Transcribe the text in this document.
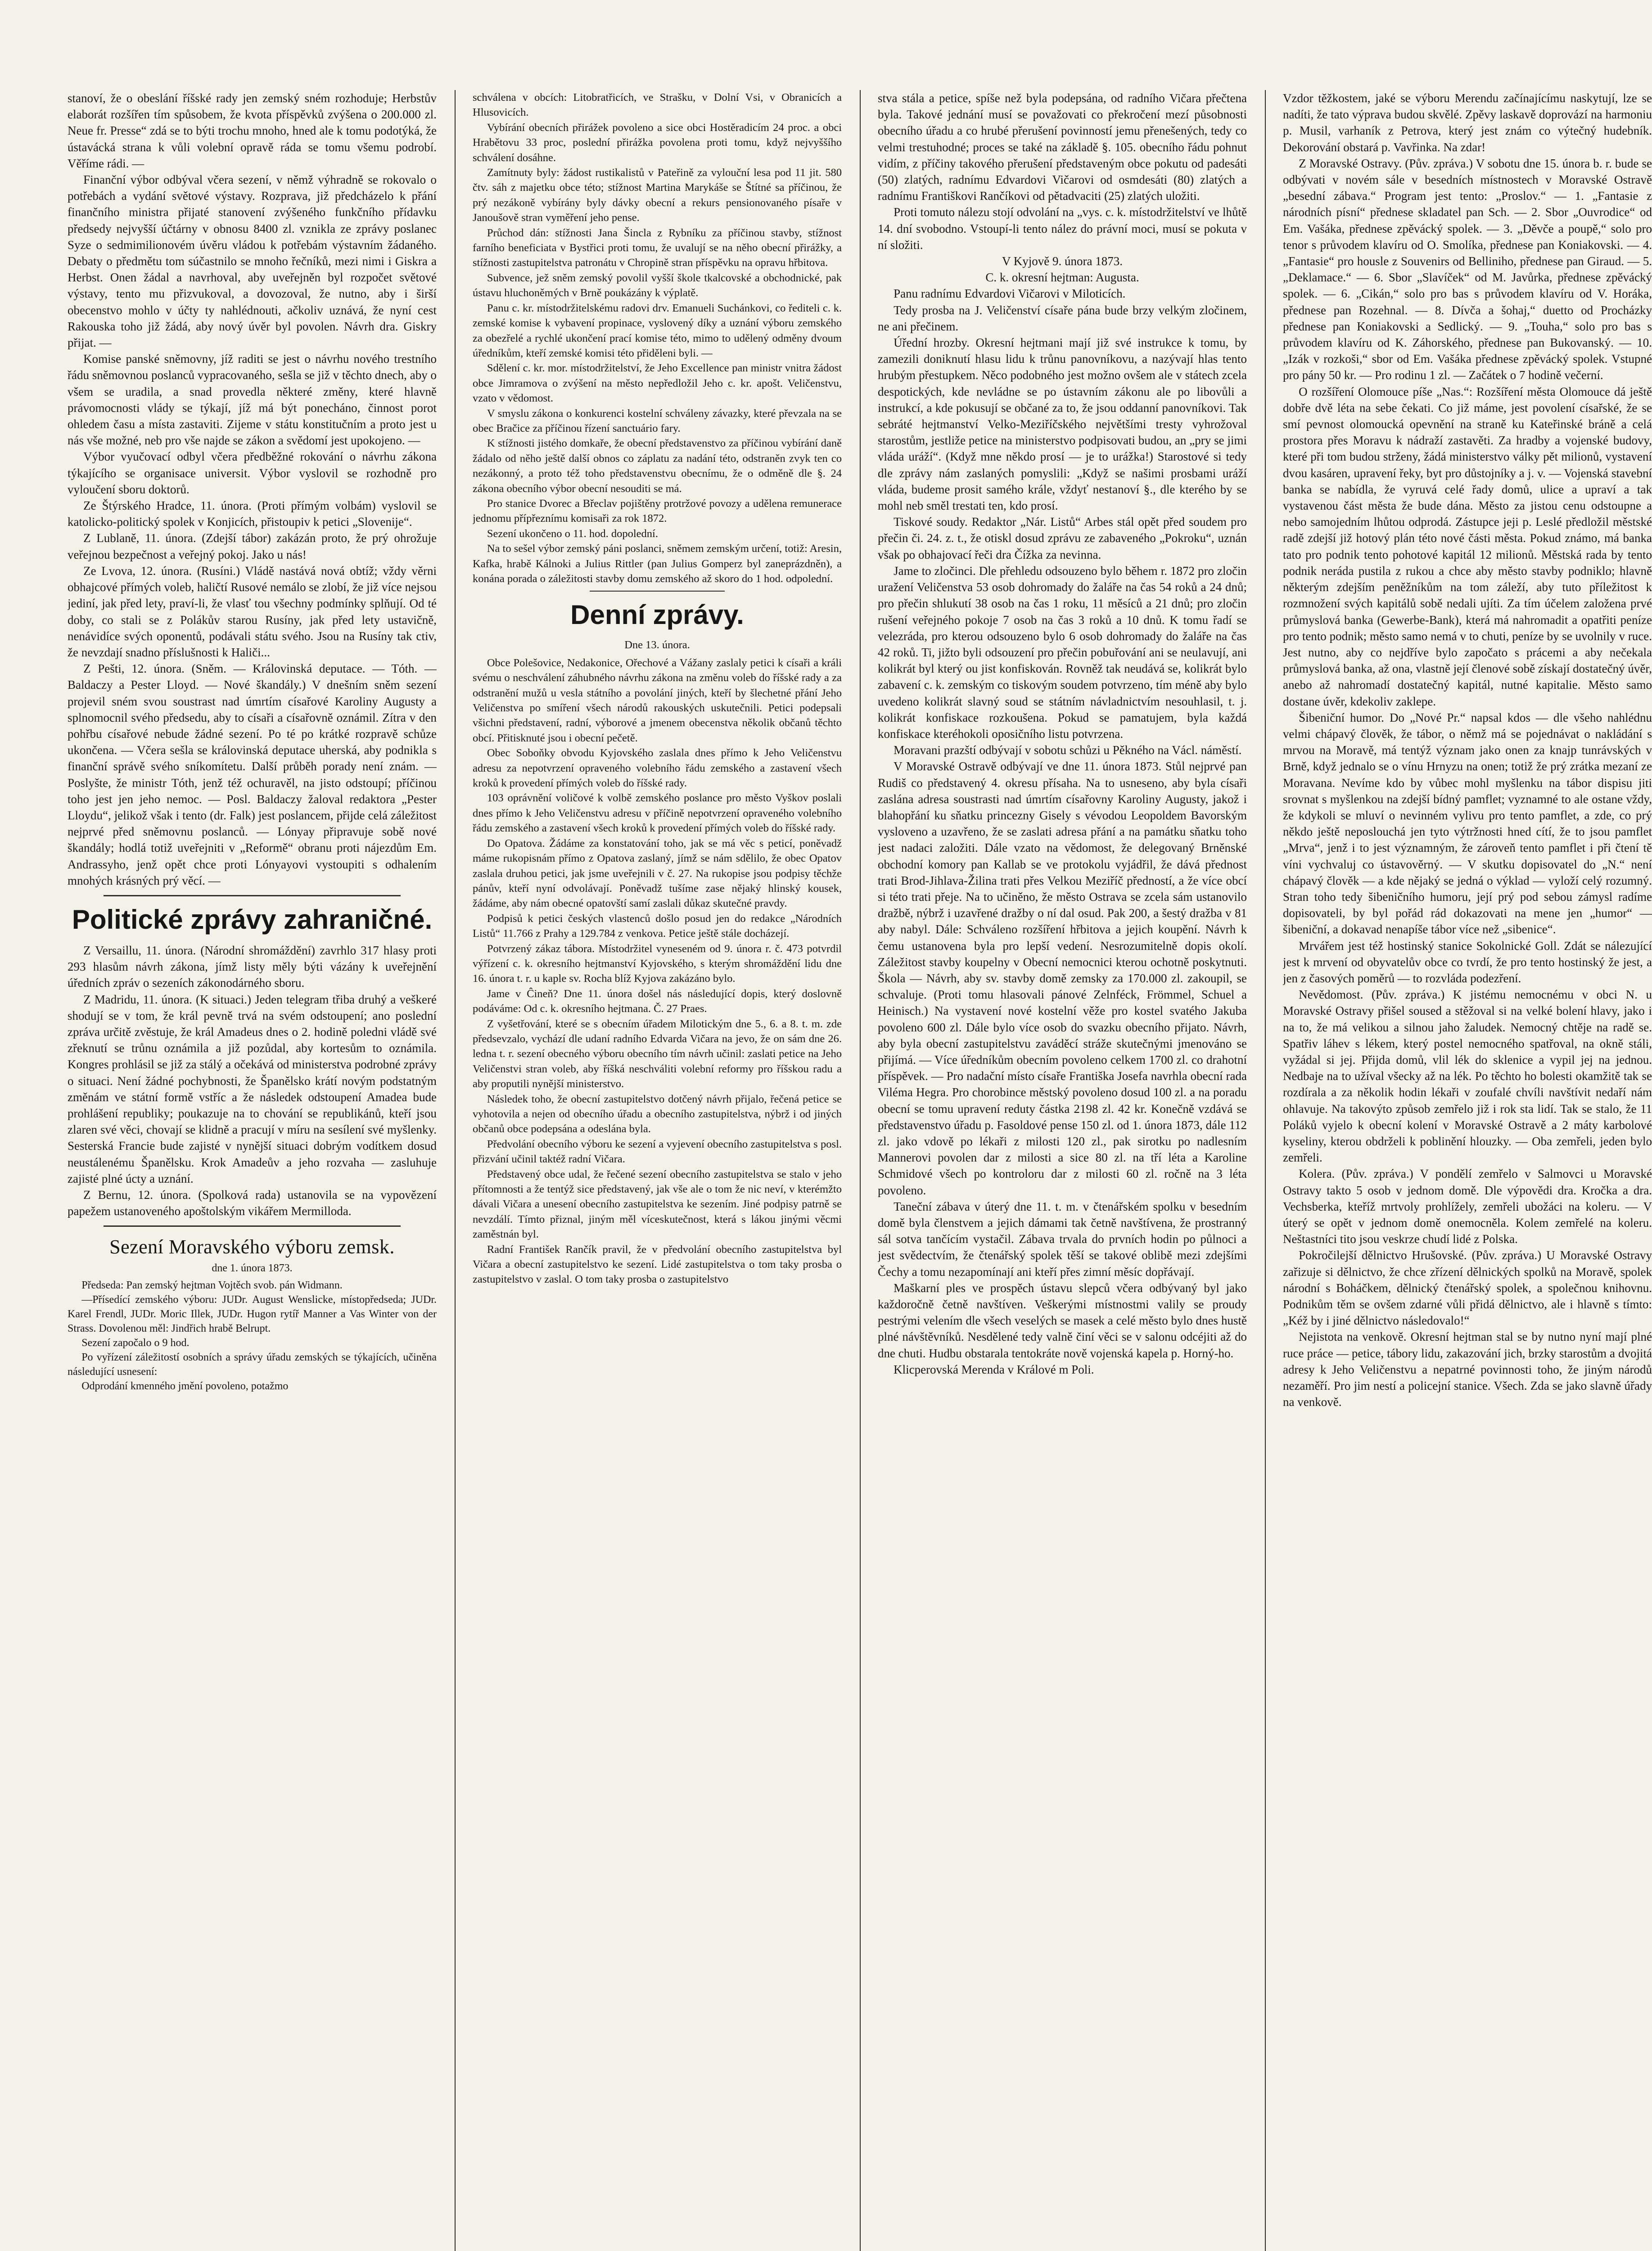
stanoví, že o obeslání říšské rady jen zemský sném rozhoduje; Herbstův elaborát rozšířen tím spůsobem, že kvota příspěvků zvýšena o 200.000 zl. Neue fr. Presse“ zdá se to býti trochu mnoho, hned ale k tomu podotýká, že ústavácká strana k vůli volební opravě ráda se tomu všemu podrobí. Věříme rádi. —

Finanční výbor odbýval včera sezení, v němž výhradně se rokovalo o potřebách a vydání světové výstavy. Rozprava, již předcházelo k přání finančního ministra přijaté stanovení zvýšeného funkčního přídavku předsedy nejvyšší účtárny v obnosu 8400 zl. vznikla ze zprávy poslanec Syze o sedmimilionovém úvěru vládou k potřebám výstavním žádaného. Debaty o předmětu tom súčastnilo se mnoho řečníků, mezi nimi i Giskra a Herbst. Onen žádal a navrhoval, aby uveřejněn byl rozpočet světové výstavy, tento mu přizvukoval, a dovozoval, že nutno, aby i širší obecenstvo mohlo v účty ty nahlédnouti, ačkoliv uznává, že nyní cest Rakouska toho již žádá, aby nový úvěr byl povolen. Návrh dra. Giskry přijat. —

Komise panské sněmovny, jíž raditi se jest o návrhu nového trestního řádu sněmovnou poslanců vypracovaného, sešla se již v těchto dnech, aby o všem se uradila, a snad provedla některé změny, které hlavně právomocnosti vlády se týkají, jíž má být ponecháno, činnost porot ohledem času a místa zastaviti. Zijeme v státu konstitučním a proto jest u nás vše možné, neb pro vše najde se zákon a svědomí jest upokojeno. —

Výbor vyučovací odbyl včera předběžné rokování o návrhu zákona týkajícího se organisace universit. Výbor vyslovil se rozhodně pro vyloučení sboru doktorů.

Ze Štýrského Hradce, 11. února. (Proti přímým volbám) vyslovil se katolicko-politický spolek v Konjicích, přistoupiv k petici „Slovenije“.

Z Lublaně, 11. února. (Zdejší tábor) zakázán proto, že prý ohrožuje veřejnou bezpečnost a veřejný pokoj. Jako u nás!

Ze Lvova, 12. února. (Rusíni.) Vládě nastává nová obtíž; vždy věrni obhajcové přímých voleb, haličtí Rusové nemálo se zlobí, že již více nejsou jediní, jak před lety, praví-li, že vlasť tou všechny podmínky splňují. Od té doby, co stali se z Polákův starou Rusíny, jak před lety ustavičně, nenávidíce svých oponentů, podávali státu svého. Jsou na Rusíny tak ctiv, že nevzdají snadno příslušnosti k Haliči...

Z Pešti, 12. února. (Sněm. — Královinská deputace. — Tóth. — Baldaczy a Pester Lloyd. — Nové škandály.) V dnešním sněm sezení projevil sném svou soustrast nad úmrtím císařové Karoliny Augusty a splnomocnil svého předsedu, aby to císaři a císařovně oznámil. Zítra v den pohřbu císařové nebude žádné sezení. Po té po krátké rozpravě schůze ukončena. — Včera sešla se královinská deputace uherská, aby podnikla s finanční správě svého sníkomítetu. Další průběh porady není znám. — Poslyšte, že ministr Tóth, jenž též ochuravěl, na jisto odstoupí; příčinou toho jest jen jeho nemoc. — Posl. Baldaczy žaloval redaktora „Pester Lloydu“, jelikož však i tento (dr. Falk) jest poslancem, přijde celá záležitost nejprvé před sněmovnu poslanců. — Lónyay připravuje sobě nové škandály; hodlá totiž uveřejniti v „Reformě“ obranu proti nájezdům Em. Andrassyho, jenž opět chce proti Lónyayovi vystoupiti s odhalením mnohých krásných prý věcí. —

Politické zprávy zahraničné.

Z Versaillu, 11. února. (Národní shromáždění) zavrhlo 317 hlasy proti 293 hlasům návrh zákona, jímž listy měly býti vázány k uveřejnění úředních zpráv o sezeních zákonodárného sboru.

Z Madridu, 11. února. (K situaci.) Jeden telegram třiba druhý a veškeré shodují se v tom, že král pevně trvá na svém odstoupení; ano poslední zpráva určitě zvěstuje, že král Amadeus dnes o 2. hodině poledni vládě své zřeknutí se trůnu oznámila a již pozůdal, aby kortesům to oznámila. Kongres prohlásil se již za stálý a očekává od ministerstva podrobné zprávy o situaci. Není žádné pochybnosti, že Španělsko krátí novým podstatným změnám ve státní formě vstříc a že následek odstoupení Amadea bude prohlášení republiky; poukazuje na to chování se republikánů, kteří jsou zlaren své věci, chovají se klidně a pracují v míru na sesílení své myšlenky. Sesterská Francie bude zajisté v nynější situaci dobrým vodítkem dosud neustálenému Španělsku. Krok Amadeův a jeho rozvaha — zasluhuje zajisté plné úcty a uznání.

Z Bernu, 12. února. (Spolková rada) ustanovila se na vypovězení papežem ustanoveného apoštolským vikářem Mermilloda.

Sezení Moravského výboru zemsk.
dne 1. února 1873.

Předseda: Pan zemský hejtman Vojtěch svob. pán Widmann.

—Přísedící zemského výboru: JUDr. August Wenslicke, místopředseda; JUDr. Karel Frendl, JUDr. Moric Illek, JUDr. Hugon rytíř Manner a Vas Winter von der Strass. Dovolenou měl: Jindřich hrabě Belrupt.

Sezení započalo o 9 hod.

Po vyřízení záležitostí osobních a správy úřadu zemských se týkajících, učiněna následující usnesení:

Odprodání kmenného jmění povoleno, potažmo

schválena v obcích: Litobratřicích, ve Strašku, v Dolní Vsi, v Obranicích a Hlusovicích.

Vybírání obecních přirážek povoleno a sice obci Hostěradicím 24 proc. a obci Hrabětovu 33 proc, poslední přirážka povolena proti tomu, když nejvyššího schválení dosáhne.

Zamítnuty byly: žádost rustikalistů v Pateřině za vylouční lesa pod 11 jit. 580 čtv. sáh z majetku obce této; stížnost Martina Marykáše se Štítné sa příčinou, že prý nezákoně vybírány byly dávky obecní a rekurs pensionovaného písaře v Janoušově stran vyměření jeho pense.

Průchod dán: stížnosti Jana Šincla z Rybníku za příčinou stavby, stížnost farního beneficiata v Bystřici proti tomu, že uvalují se na něho obecní přirážky, a stížnosti zastupitelstva patronátu v Chropině stran příspěvku na opravu hřbitova.

Subvence, jež sněm zemský povolil vyšší škole tkalcovské a obchodnické, pak ústavu hluchoněmých v Brně poukázány k výplatě.

Panu c. kr. místodržitelskému radovi drv. Emanueli Suchánkovi, co řediteli c. k. zemské komise k vybavení propinace, vyslovený díky a uznání výboru zemského za obezřelé a rychlé ukončení prací komise této, mimo to udělený odměny dvoum úředníkům, kteří zemské komisi této přiděleni byli. —

Sdělení c. kr. mor. místodržitelství, že Jeho Excellence pan ministr vnitra žádost obce Jimramova o zvýšení na město nepředložil Jeho c. kr. apošt. Veličenstvu, vzato v vědomost.

V smyslu zákona o konkurenci kostelní schváleny závazky, které převzala na se obec Bračice za příčinou řízení sanctuário fary.

K stížnosti jistého domkaře, že obecní představenstvo za příčinou vybírání daně žádalo od něho ještě další obnos co záplatu za nadání této, odstraněn zvyk ten co nezákonný, a proto též toho představenstvu obecnímu, že o odměně dle §. 24 zákona obecního výbor obecní nesouditi se má.

Pro stanice Dvorec a Břeclav pojištěny protržové povozy a udělena remunerace jednomu přípřeznímu komisaři za rok 1872.

Sezení ukončeno o 11. hod. dopolední.

Na to sešel výbor zemský páni poslanci, sněmem zemským určení, totiž: Aresin, Kafka, hrabě Kálnoki a Julius Rittler (pan Julius Gomperz byl zaneprázdněn), a konána porada o záležitosti stavby domu zemského až skoro do 1 hod. odpolední.

Denní zprávy.
Dne 13. února.

Obce Polešovice, Nedakonice, Ořechové a Vážany zaslaly petici k císaři a králi svému o neschválení záhubného návrhu zákona na změnu voleb do říšské rady a za odstranění mužů u vesla státního a povolání jiných, kteří by šlechetné přání Jeho Veličenstva po smíření všech národů rakouských uskutečnili. Petici podepsali všichni představení, radní, výborové a jmenem obecenstva několik občanů těchto obcí. Přitisknuté jsou i obecní pečetě.

Obec Soboňky obvodu Kyjovského zaslala dnes přímo k Jeho Veličenstvu adresu za nepotvrzení opraveného volebního řádu zemského a zastavení všech kroků k provedení přímých voleb do říšské rady.

103 oprávnění voličové k volbě zemského poslance pro město Vyškov poslali dnes přímo k Jeho Veličenstvu adresu v příčině nepotvrzení opraveného volebního řádu zemského a zastavení všech kroků k provedení přímých voleb do říšské rady.

Do Opatova. Žádáme za konstatování toho, jak se má věc s peticí, poněvadž máme rukopisnám přímo z Opatova zaslaný, jímž se nám sdělilo, že obec Opatov zaslala druhou petici, jak jsme uveřejnili v č. 27. Na rukopise jsou podpisy těchže pánův, kteří nyní odvolávají. Poněvadž tušíme zase nějaký hlinský kousek, žádáme, aby nám obecné opatovští samí zaslali důkaz skutečné pravdy.

Podpisů k petici českých vlastenců došlo posud jen do redakce „Národních Listů“ 11.766 z Prahy a 129.784 z venkova. Petice ještě stále docházejí.

Potvrzený zákaz tábora. Místodržitel vyneseném od 9. února r. č. 473 potvrdil výřízení c. k. okresního hejtmanství Kyjovského, s kterým shromáždění lidu dne 16. února t. r. u kaple sv. Rocha blíž Kyjova zakázáno bylo.

Jame v Ĉineň? Dne 11. února došel nás následující dopis, který doslovně podáváme: Od c. k. okresního hejtmana. Č. 27 Praes.

Z vyšetřování, které se s obecním úřadem Milotickým dne 5., 6. a 8. t. m. zde předsevzalo, vychází dle udaní radního Edvarda Vičara na jevo, že on sám dne 26. ledna t. r. sezení obecného výboru obecního tím návrh učinil: zaslati petice na Jeho Veličenstvi stran voleb, aby říšká neschváliti volební reformy pro říšskou radu a aby proputili nynější ministerstvo.

Následek toho, že obecní zastupitelstvo dotčený návrh přijalo, řečená petice se vyhotovila a nejen od obecního úřadu a obecního zastupitelstva, nýbrž i od jiných občanů obce podepsána a odeslána byla.

Předvolání obecního výboru ke sezení a vyjevení obecního zastupitelstva s posl. přizvání učinil taktéž radní Vičara.

Představený obce udal, že řečené sezení obecního zastupitelstva se stalo v jeho přítomnosti a že tentýž sice představený, jak vše ale o tom že nic neví, v kterémžto dávali Vičara a unesení obecního zastupitelstva ke sezením. Jiné podpisy patrně se nevzdálí. Tímto přiznal, jiným měl víceskutečnost, která s lákou jinými věcmi zaměstnán byl.

Radní František Rančík pravil, že v předvolání obecního zastupitelstva byl Vičara a obecní zastupitelstvo ke sezení. Lidé zastupitelstva o tom taky prosba o zastupitelstvo v zaslal. O tom taky prosba o zastupitelstvo

stva stála a petice, spíše než byla podepsána, od radního Vičara přečtena byla. Takové jednání musí se považovati co překročení mezí působnosti obecního úřadu a co hrubé přerušení povinností jemu přenešených, tedy co velmi trestuhodné; proces se také na základě §. 105. obecního řádu pohnut vidím, z příčiny takového přerušení představeným obce pokutu od padesáti (50) zlatých, radnímu Edvardovi Vičarovi od osmdesáti (80) zlatých a radnímu Františkovi Rančíkovi od pětadvaciti (25) zlatých uložiti.

Proti tomuto nálezu stojí odvolání na „vys. c. k. místodržitelství ve lhůtě 14. dní svobodno. Vstoupí-li tento nález do právní moci, musí se pokuta v ní složiti.

V Kyjově 9. února 1873.

C. k. okresní hejtman: Augusta.

Panu radnímu Edvardovi Vičarovi v Miloticích.

Tedy prosba na J. Veličenství císaře pána bude brzy velkým zločinem, ne ani přečinem.

Úřední hrozby. Okresní hejtmani mají již své instrukce k tomu, by zamezili doniknutí hlasu lidu k trůnu panovníkovu, a nazývají hlas tento hrubým přestupkem. Něco podobného jest možno ovšem ale v státech zcela despotických, kde nevládne se po ústavním zákonu ale po libovůli a instrukcí, a kde pokusují se občané za to, že jsou oddanní panovníkovi. Tak sebráté hejtmanství Velko-Meziříčského největšími tresty vyhrožoval starostům, jestliže petice na ministerstvo podpisovati budou, an „pry se jimi vláda uráží“. (Když mne někdo prosí — je to urážka!) Starostové si tedy dle zprávy nám zaslaných pomyslili: „Když se našimi prosbami uráží vláda, budeme prosit samého krále, vždyť nestanoví §., dle kterého by se mohl neb směl trestati ten, kdo prosí.

Tiskové soudy. Redaktor „Nár. Listů“ Arbes stál opět před soudem pro přečin či. 24. z. t., že otiskl dosud zprávu ze zabaveného „Pokroku“, uznán však po obhajovací řeči dra Čížka za nevinna.

Jame to zločinci. Dle přehledu odsouzeno bylo během r. 1872 pro zločin uražení Veličenstva 53 osob dohromady do žaláře na čas 54 roků a 24 dnů; pro přečin shlukutí 38 osob na čas 1 roku, 11 měsíců a 21 dnů; pro zločin rušení veřejného pokoje 7 osob na čas 3 roků a 10 dnů. K tomu řadí se velezráda, pro kterou odsouzeno bylo 6 osob dohromady do žaláře na čas 42 roků. Ti, jižto byli odsouzení pro přečin pobuřování ani se neulavují, ani kolikrát byl který ou jist konfiskován. Rovněž tak neudává se, kolikrát bylo zabavení c. k. zemským co tiskovým soudem potvrzeno, tím méně aby bylo uvedeno kolikrát slavný soud se státním návladnictvím nesouhlasil, t. j. kolikrát konfiskace rozkoušena. Pokud se pamatujem, byla každá konfiskace kteréhokoli oposičního listu potvrzena.

Moravani prazští odbývají v sobotu schůzi u Pěkného na Václ. náměstí.

V Moravské Ostravě odbývají ve dne 11. února 1873. Stůl nejprvé pan Rudiš co představený 4. okresu přísaha. Na to usneseno, aby byla císaři zaslána adresa soustrasti nad úmrtím císařovny Karoliny Augusty, jakož i blahopřání ku sňatku princezny Gisely s vévodou Leopoldem Bavorským vysloveno a uzavřeno, že se zaslati adresa přání a na památku sňatku toho jest nadaci založiti. Dále vzato na vědomost, že delegovaný Brněnské obchodní komory pan Kallab se ve protokolu vyjádřil, že dává přednost trati Brod-Jihlava-Žilina trati přes Velkou Meziříč předností, a že více obcí si této trati přeje. Na to učiněno, že město Ostrava se zcela sám ustanovilo dražbě, nýbrž i uzavřené dražby o ní dal osud. Pak 200, a šestý dražba v 81 aby nabyl. Dále: Schváleno rozšíření hřbitova a jejich koupění. Návrh k čemu ustanovena byla pro lepší vedení. Nesrozumitelně dopis okolí. Záležitost stavby koupelny v Obecní nemocnici kterou ochotně poskytnuti. Škola — Návrh, aby sv. stavby domě zemsky za 170.000 zl. zakoupil, se schvaluje. (Proti tomu hlasovali pánové Zelnféck, Frömmel, Schuel a Heinisch.) Na vystavení nové kostelní věže pro kostel svatého Jakuba povoleno 600 zl. Dále bylo více osob do svazku obecního přijato. Návrh, aby byla obecní zastupitelstvu zaváděcí stráže skutečnými jmenováno se přijímá. — Více úředníkům obecním povoleno celkem 1700 zl. co drahotní příspěvek. — Pro nadační místo císaře Františka Josefa navrhla obecní rada Viléma Hegra. Pro chorobince městský povoleno dosud 100 zl. a na poradu obecní se tomu upravení reduty částka 2198 zl. 42 kr. Konečně vzdává se představenstvo úřadu p. Fasoldové pense 150 zl. od 1. února 1873, dále 112 zl. jako vdově po lékaři z milosti 120 zl., pak sirotku po nadlesním Mannerovi povolen dar z milosti a sice 80 zl. na tří léta a Karoline Schmidové všech po kontroloru dar z milosti 60 zl. ročně na 3 léta povoleno.

Taneční zábava v úterý dne 11. t. m. v čtenářském spolku v besedním domě byla členstvem a jejich dámami tak četně navštívena, že prostranný sál sotva tančícím vystačil. Zábava trvala do prvních hodin po půlnoci a jest svědectvím, že čtenářský spolek těší se takové oblibě mezi zdejšími Čechy a tomu nezapomínají ani kteří přes zimní měsíc dopřávají.

Maškarní ples ve prospěch ústavu slepců včera odbývaný byl jako každoročně četně navštíven. Veškerými místnostmi valily se proudy pestrými velením dle všech veselých se masek a celé město bylo dnes hustě plné návštěvníků. Nesdělené tedy valně činí věci se v salonu odcéjiti až do dne chuti. Hudbu obstarala tentokráte nově vojenská kapela p. Horný-ho.

Klicperovská Merenda v Králové m Poli.

Vzdor těžkostem, jaké se výboru Merendu začínajícímu naskytují, lze se nadíti, že tato výprava budou skvělé. Zpěvy laskavě doprovází na harmoniu p. Musil, varhaník z Petrova, který jest znám co výtečný hudebník. Dekorování obstará p. Vavřinka. Na zdar!

Z Moravské Ostravy. (Pův. zpráva.) V sobotu dne 15. února b. r. bude se odbývati v novém sále v besedních místnostech v Moravské Ostravě „besední zábava.“ Program jest tento: „Proslov.“ — 1. „Fantasie z národních písní“ přednese skladatel pan Sch. — 2. Sbor „Ouvrodice“ od Em. Vašáka, přednese zpěvácký spolek. — 3. „Děvče a poupě,“ solo pro tenor s průvodem klavíru od O. Smolíka, přednese pan Koniakovski. — 4. „Fantasie“ pro housle z Souvenirs od Belliniho, přednese pan Giraud. — 5. „Deklamace.“ — 6. Sbor „Slavíček“ od M. Javůrka, přednese zpěvácký spolek. — 6. „Cikán,“ solo pro bas s průvodem klavíru od V. Horáka, přednese pan Rozehnal. — 8. Dívča a šohaj,“ duetto od Procházky přednese pan Koniakovski a Sedlický. — 9. „Touha,“ solo pro bas s průvodem klavíru od K. Záhorského, přednese pan Bukovanský. — 10. „Izák v rozkoši,“ sbor od Em. Vašáka přednese zpěvácký spolek. Vstupné pro pány 50 kr. — Pro rodinu 1 zl. — Začátek o 7 hodině večerní.

O rozšíření Olomouce píše „Nas.“: Rozšíření města Olomouce dá ještě dobře dvě léta na sebe čekati. Co již máme, jest povolení císařské, že se smí pevnost olomoucká opevnění na straně ku Kateřinské bráně a celá prostora přes Moravu k nádraží zastavěti. Za hradby a vojenské budovy, které při tom budou strženy, žádá ministerstvo války pět milionů, vystavení dvou kasáren, upravení řeky, byt pro důstojníky a j. v. — Vojenská stavební banka se nabídla, že vyruvá celé řady domů, ulice a upraví a tak vystavenou část města že bude dána. Město za jistou cenu odstoupne a nebo samojedním lhůtou odprodá. Zástupce jeji p. Leslé předložil městské radě zdejší již hotový plán této nové části města. Pokud známo, má banka tato pro podnik tento pohotové kapitál 12 milionů. Městská rada by tento podnik neráda pustila z rukou a chce aby město stavby podniklo; hlavně některým zdejším peněžníkům na tom záleží, aby tuto příležitost k rozmnožení svých kapitálů sobě nedali ujíti. Za tím účelem založena prvé průmyslová banka (Gewerbe-Bank), která má nahromadit a opatřiti peníze pro tento podnik; město samo nemá v to chuti, peníze by se uvolnily v ruce. Jest nutno, aby co nejdříve bylo započato s prácemi a aby nečekala průmyslová banka, až ona, vlastně její členové sobě získají dostatečný úvěr, anebo až nahromadí dostatečný kapitál, nutné kapitalie. Město samo dostane úvěr, kdekoliv zaklepe.

Šibeniční humor. Do „Nové Pr.“ napsal kdos — dle všeho nahlédnu velmi chápavý člověk, že tábor, o němž má se pojednávat o nakládání s mrvou na Moravě, má tentýž význam jako onen za knajp tunrávských v Brně, když jednalo se o vínu Hrnyzu na onen; totiž že prý zrátka mezaní ze Moravana. Nevíme kdo by vůbec mohl myšlenku na tábor dispisu jiti srovnat s myšlenkou na zdejší bídný pamflet; vyznamné to ale ostane vždy, že kdykoli se mluví o nevinném vylivu pro tento pamflet, a zde, co prý někdo ještě neposlouchá jen tyto výtržnosti hned cítí, že to jsou pamflet „Mrva“, jenž i to jest významným, že zároveň tento pamflet i při čtení tě víni vychvaluj co ústavověrný. — V skutku dopisovatel do „N.“ není chápavý člověk — a kde nějaký se jedná o výklad — vyloží celý rozumný. Stran toho tedy šibeničního humoru, její prý pod sebou zámysl radíme dopisovateli, by byl pořád rád dokazovati na mene jen „humor“ — šibeniční, a dokavad nenapíše tábor více než „sibenice“.

Mrvářem jest též hostinský stanice Sokolnické Goll. Zdát se nálezující jest k mrvení od obyvatelův obce co tvrdí, že pro tento hostinský že jest, a jen z časových poměrů — to rozvláda podezření.

Nevědomost. (Pův. zpráva.) K jistému nemocnému v obci N. u Moravské Ostravy přišel soused a stěžoval si na velké bolení hlavy, jako i na to, že má velikou a silnou jaho žaludek. Nemocný chtěje na radě se. Spatřiv láhev s lékem, který postel nemocného spatřoval, na okně stáli, vyžádal si jej. Přijda domů, vlil lék do sklenice a vypil jej na jednou. Nedbaje na to užíval všecky až na lék. Po těchto ho bolesti okamžitě tak se rozdírala a za několik hodin lékaři v zoufalé chvíli navštívit nedaří nám ohlavuje. Na takovýto způsob zemřelo již i rok sta lidí. Tak se stalo, že 11 Poláků vyjelo k obecní kolení v Moravské Ostravě a 2 máty karbolové kyseliny, kterou obdrželi k poblinění hlouzky. — Oba zemřeli, jeden bylo zemřeli.

Kolera. (Pův. zpráva.) V pondělí zemřelo v Salmovci u Moravské Ostravy takto 5 osob v jednom domě. Dle výpovědi dra. Kročka a dra. Vechsberka, kteříž mrtvoly prohlížely, zemřeli ubožáci na koleru. — V úterý se opět v jednom domě onemocněla. Kolem zemřelé na koleru. Neštastníci tito jsou veskrze chudí lidé z Polska.

Pokročilejší dělnictvo Hrušovské. (Pův. zpráva.) U Moravské Ostravy zařizuje si dělnictvo, že chce zřízení dělnických spolků na Moravě, spolek národní s Boháčkem, dělnický čtenářský spolek, a společnou knihovnu. Podnikům těm se ovšem zdarné vůli přidá dělnictvo, ale i hlavně s tímto: „Kéž by i jiné dělnictvo následovalo!“

Nejistota na venkově. Okresní hejtman stal se by nutno nyní mají plné ruce práce — petice, tábory lidu, zakazování jich, brzky starostům a dvojitá adresy k Jeho Veličenstvu a nepatrné povinnosti toho, že jiným národů nezaměří. Pro jim nestí a policejní stanice. Všech. Zda se jako slavně úřady na venkově.
